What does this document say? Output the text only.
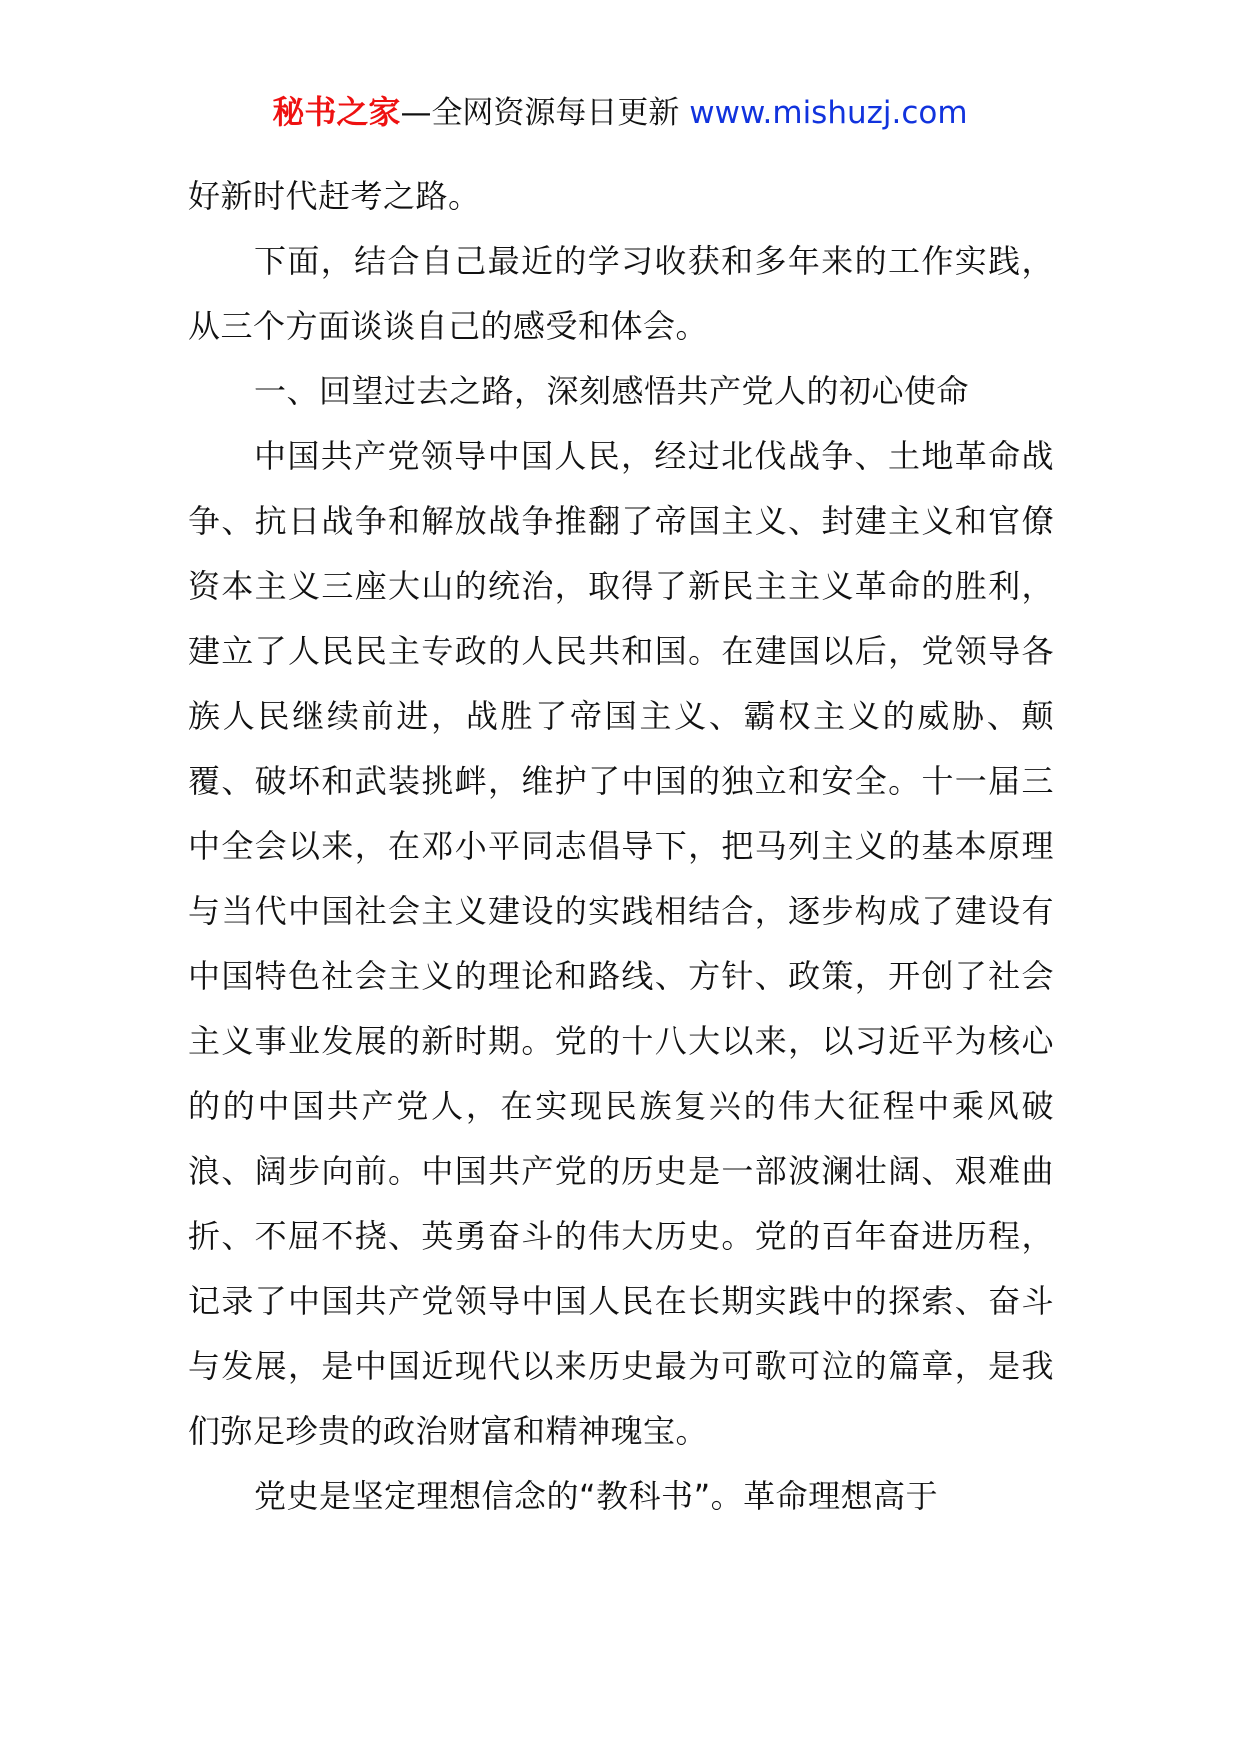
秘书之家—全网资源每日更新 www.mishuzj.com

好新时代赶考之路。

下面，结合自己最近的学习收获和多年来的工作实践，从三个方面谈谈自己的感受和体会。

一、回望过去之路，深刻感悟共产党人的初心使命

中国共产党领导中国人民，经过北伐战争、土地革命战争、抗日战争和解放战争推翻了帝国主义、封建主义和官僚资本主义三座大山的统治，取得了新民主主义革命的胜利，建立了人民民主专政的人民共和国。在建国以后，党领导各族人民继续前进，战胜了帝国主义、霸权主义的威胁、颠覆、破坏和武装挑衅，维护了中国的独立和安全。十一届三中全会以来，在邓小平同志倡导下，把马列主义的基本原理与当代中国社会主义建设的实践相结合，逐步构成了建设有中国特色社会主义的理论和路线、方针、政策，开创了社会主义事业发展的新时期。党的十八大以来，以习近平为核心的的中国共产党人，在实现民族复兴的伟大征程中乘风破浪、阔步向前。中国共产党的历史是一部波澜壮阔、艰难曲折、不屈不挠、英勇奋斗的伟大历史。党的百年奋进历程，记录了中国共产党领导中国人民在长期实践中的探索、奋斗与发展，是中国近现代以来历史最为可歌可泣的篇章，是我们弥足珍贵的政治财富和精神瑰宝。

党史是坚定理想信念的“教科书”。革命理想高于
